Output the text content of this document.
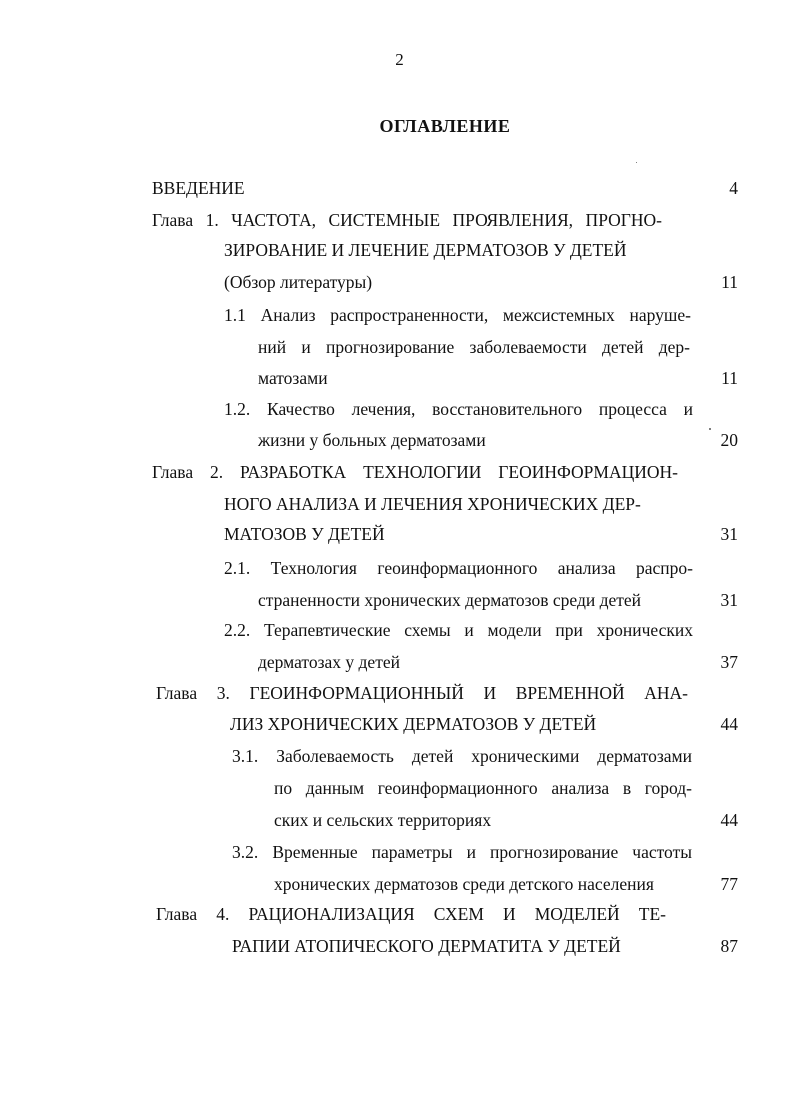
2
ОГЛАВЛЕНИЕ
ВВЕДЕНИЕ	4
Глава 1. ЧАСТОТА, СИСТЕМНЫЕ ПРОЯВЛЕНИЯ, ПРОГНО-
ЗИРОВАНИЕ И ЛЕЧЕНИЕ ДЕРМАТОЗОВ У ДЕТЕЙ
(Обзор литературы)	11
1.1 Анализ распространенности, межсистемных наруше-
ний и прогнозирование заболеваемости детей дер-
матозами	11
1.2. Качество лечения, восстановительного процесса и
жизни у больных дерматозами	20
Глава 2. РАЗРАБОТКА ТЕХНОЛОГИИ ГЕОИНФОРМАЦИОН-
НОГО АНАЛИЗА И ЛЕЧЕНИЯ ХРОНИЧЕСКИХ ДЕР-
МАТОЗОВ У ДЕТЕЙ	31
2.1. Технология геоинформационного анализа распро-
страненности хронических дерматозов среди детей	31
2.2. Терапевтические схемы и модели при хронических
дерматозах у детей	37
Глава 3. ГЕОИНФОРМАЦИОННЫЙ И ВРЕМЕННОЙ АНА-
ЛИЗ ХРОНИЧЕСКИХ ДЕРМАТОЗОВ У ДЕТЕЙ	44
3.1. Заболеваемость детей хроническими дерматозами
по данным геоинформационного анализа в город-
ских и сельских территориях	44
3.2. Временные параметры и прогнозирование частоты
хронических дерматозов среди детского населения	77
Глава 4. РАЦИОНАЛИЗАЦИЯ СХЕМ И МОДЕЛЕЙ ТЕ-
РАПИИ АТОПИЧЕСКОГО ДЕРМАТИТА У ДЕТЕЙ	87
